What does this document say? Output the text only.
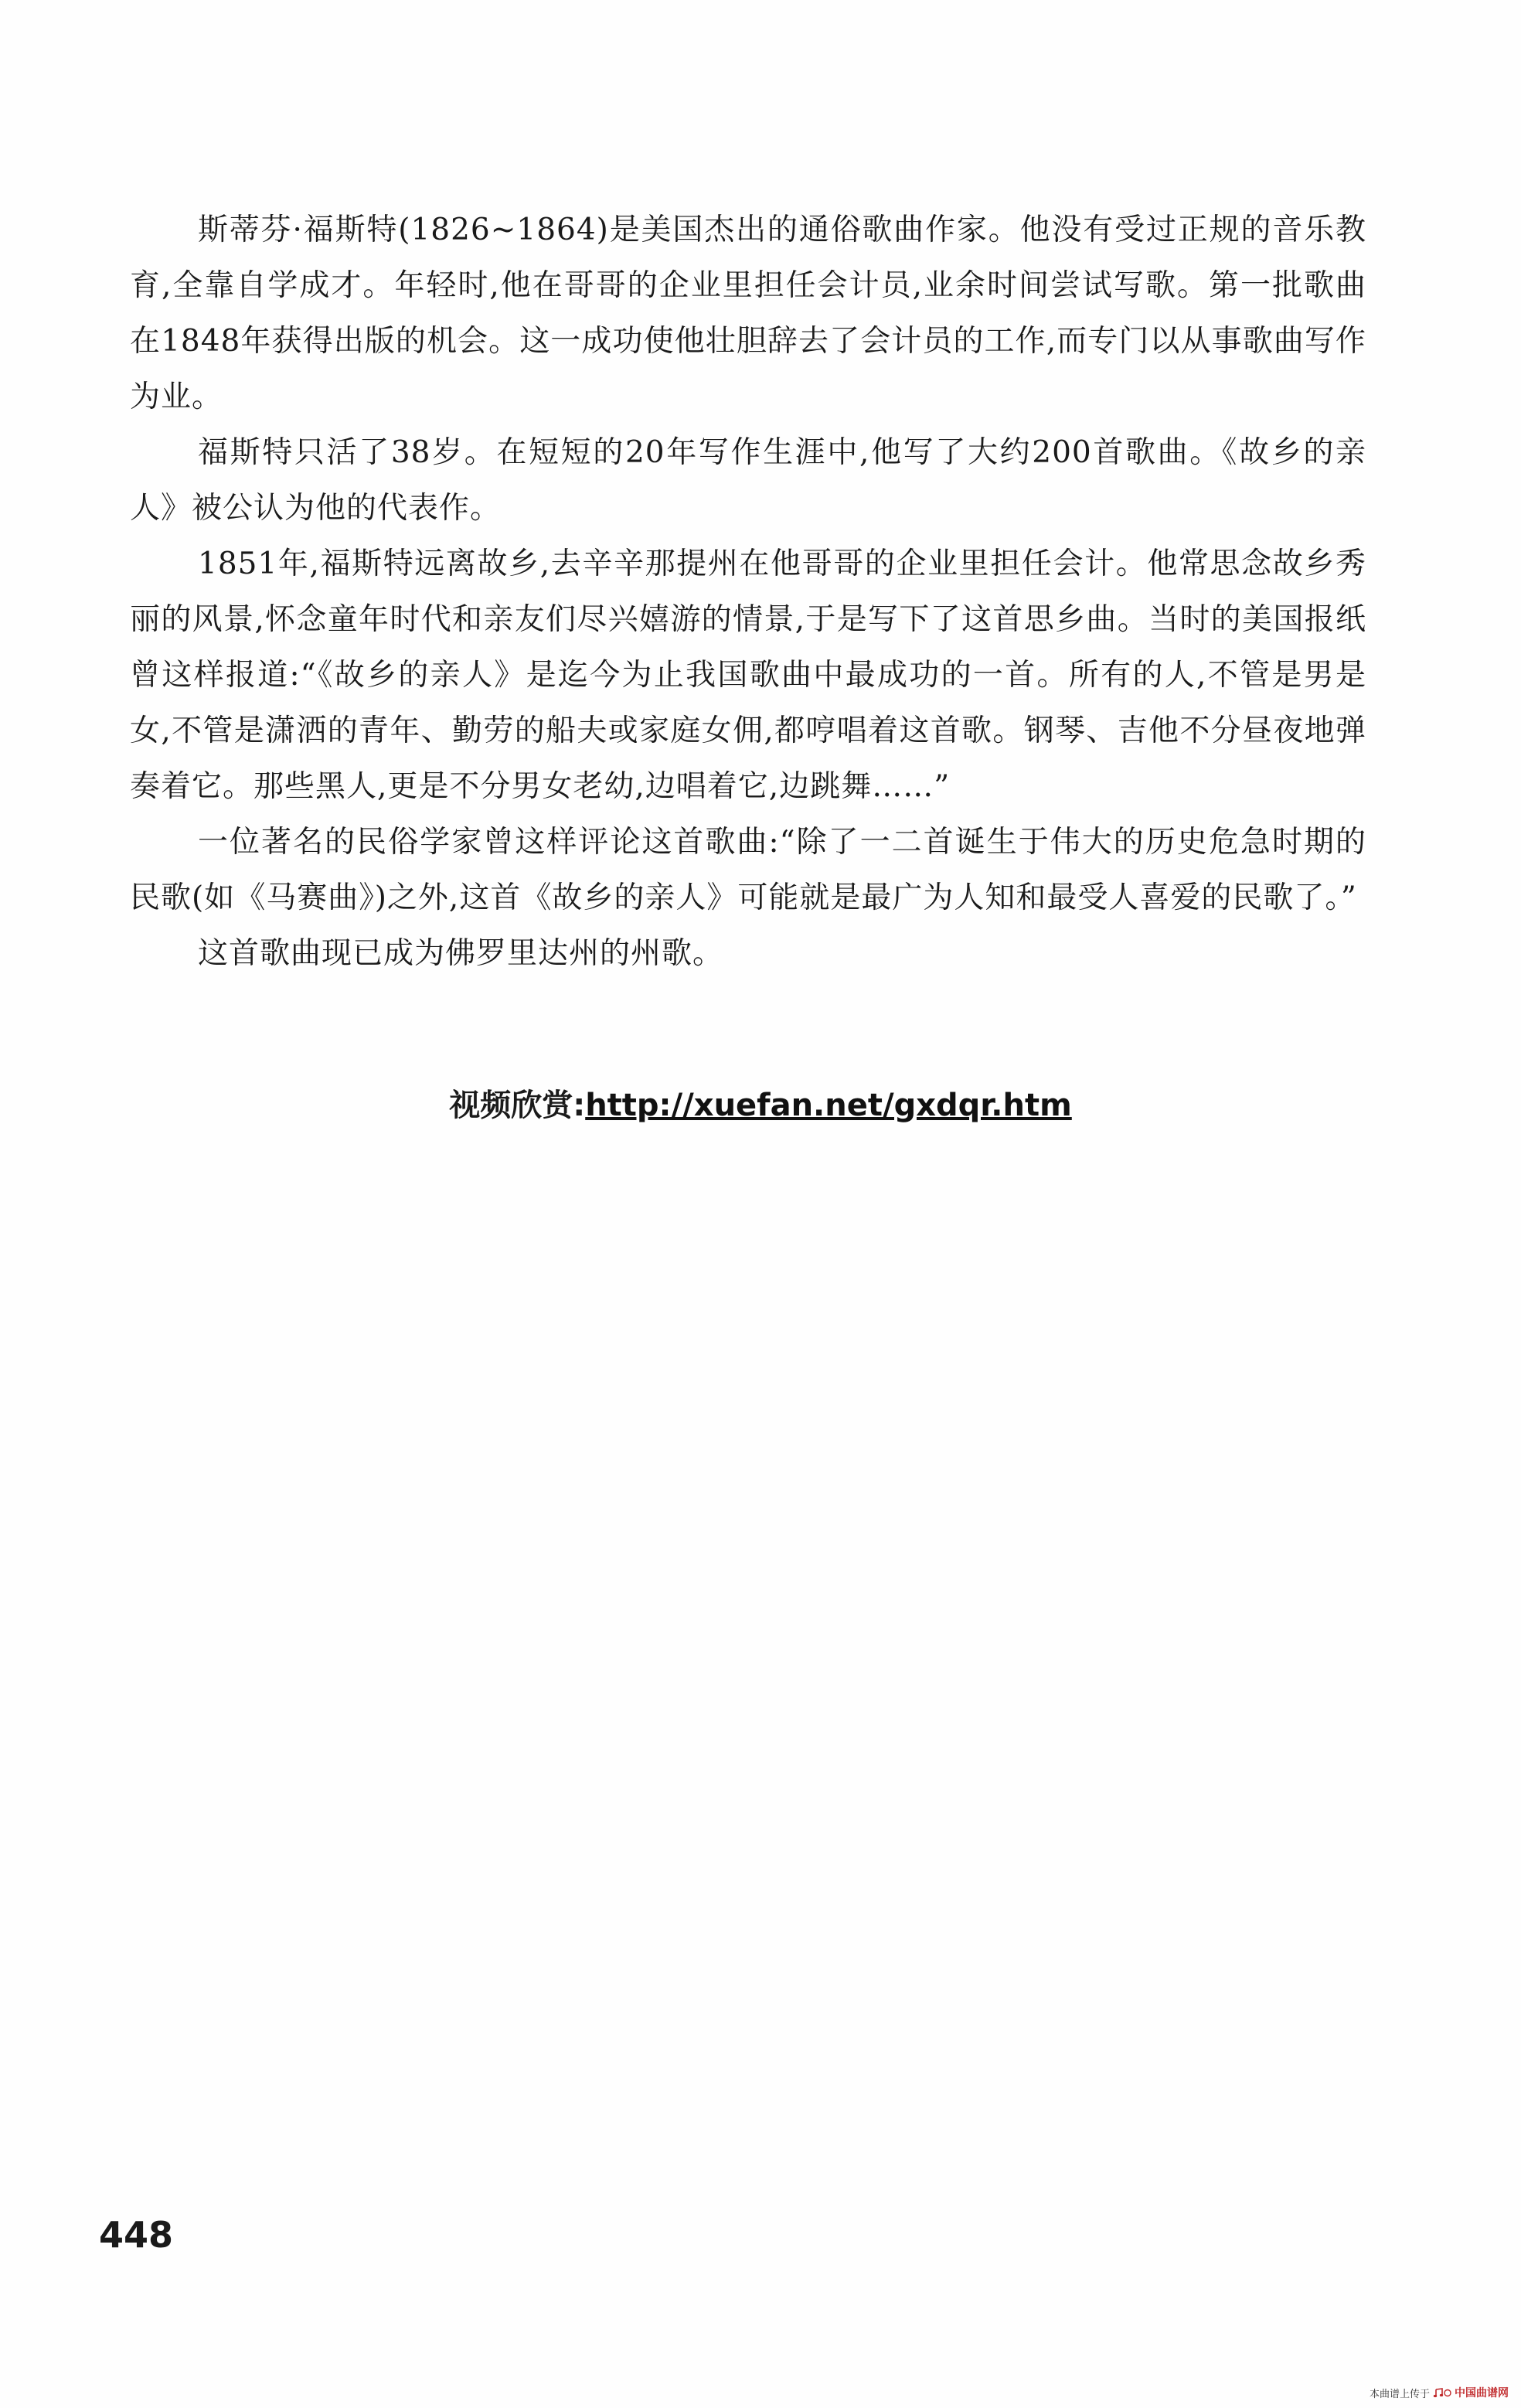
斯蒂芬·福斯特(1826~1864)是美国杰出的通俗歌曲作家。他没有受过正规的音乐教育,全靠自学成才。年轻时,他在哥哥的企业里担任会计员,业余时间尝试写歌。第一批歌曲在1848年获得出版的机会。这一成功使他壮胆辞去了会计员的工作,而专门以从事歌曲写作为业。

福斯特只活了38岁。在短短的20年写作生涯中,他写了大约200首歌曲。《故乡的亲人》被公认为他的代表作。

1851年,福斯特远离故乡,去辛辛那提州在他哥哥的企业里担任会计。他常思念故乡秀丽的风景,怀念童年时代和亲友们尽兴嬉游的情景,于是写下了这首思乡曲。当时的美国报纸曾这样报道:“《故乡的亲人》是迄今为止我国歌曲中最成功的一首。所有的人,不管是男是女,不管是潇洒的青年、勤劳的船夫或家庭女佣,都哼唱着这首歌。钢琴、吉他不分昼夜地弹奏着它。那些黑人,更是不分男女老幼,边唱着它,边跳舞……”

一位著名的民俗学家曾这样评论这首歌曲:“除了一二首诞生于伟大的历史危急时期的民歌(如《马赛曲》)之外,这首《故乡的亲人》可能就是最广为人知和最受人喜爱的民歌了。”

这首歌曲现已成为佛罗里达州的州歌。

视频欣赏:http://xuefan.net/gxdqr.htm
448
本曲谱上传于 中国曲谱网
